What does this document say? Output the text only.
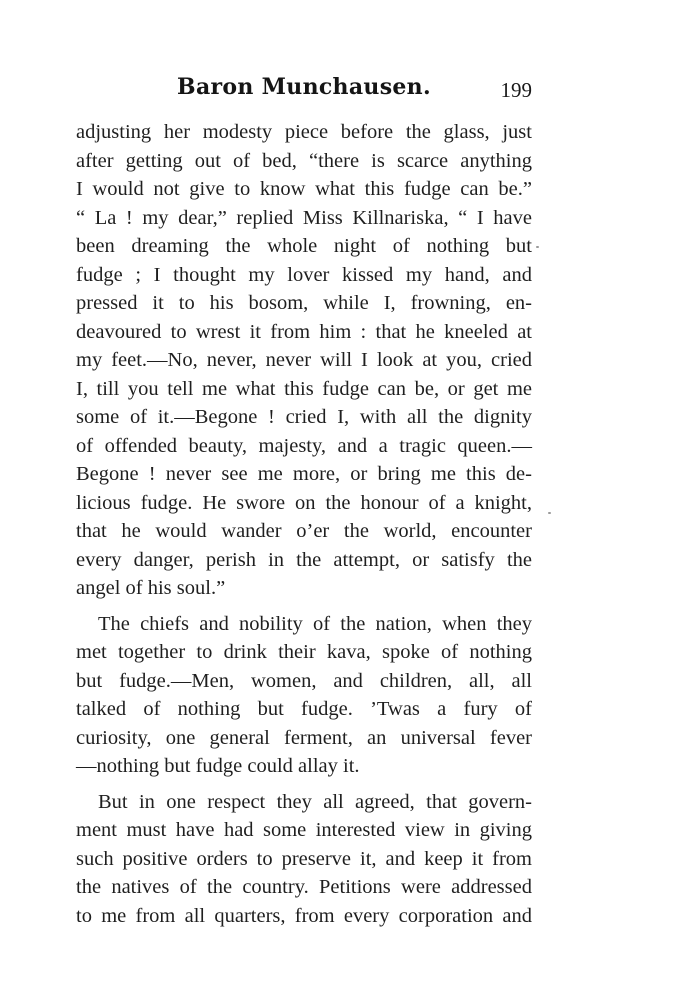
Baron Munchausen.	199
adjusting her modesty piece before the glass, just
after getting out of bed, “there is scarce anything
I would not give to know what this fudge can be.”
“ La ! my dear,” replied Miss Killnariska, “ I have
been dreaming the whole night of nothing but
fudge ; I thought my lover kissed my hand, and
pressed it to his bosom, while I, frowning, en-
deavoured to wrest it from him : that he kneeled at
my feet.—No, never, never will I look at you, cried
I, till you tell me what this fudge can be, or get me
some of it.—Begone ! cried I, with all the dignity
of offended beauty, majesty, and a tragic queen.—
Begone ! never see me more, or bring me this de-
licious fudge. He swore on the honour of a knight,
that he would wander o’er the world, encounter
every danger, perish in the attempt, or satisfy the
angel of his soul.”
The chiefs and nobility of the nation, when they
met together to drink their kava, spoke of nothing
but fudge.—Men, women, and children, all, all
talked of nothing but fudge. ’Twas a fury of
curiosity, one general ferment, an universal fever
—nothing but fudge could allay it.
But in one respect they all agreed, that govern-
ment must have had some interested view in giving
such positive orders to preserve it, and keep it from
the natives of the country. Petitions were addressed
to me from all quarters, from every corporation and
